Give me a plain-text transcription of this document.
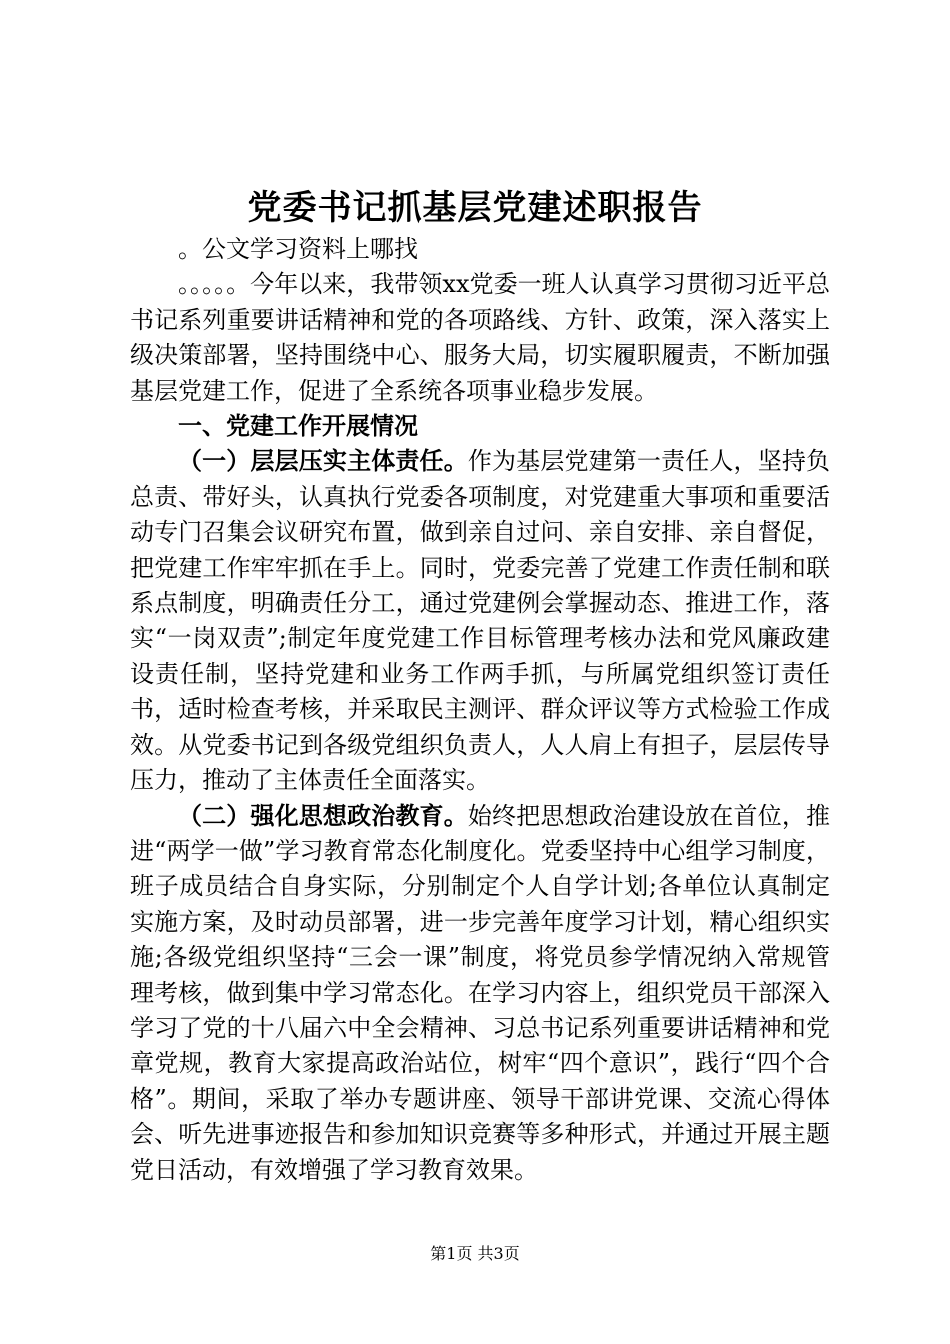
党委书记抓基层党建述职报告

。公文学习资料上哪找

。。。。。今年以来，我带领xx党委一班人认真学习贯彻习近平总书记系列重要讲话精神和党的各项路线、方针、政策，深入落实上级决策部署，坚持围绕中心、服务大局，切实履职履责，不断加强基层党建工作，促进了全系统各项事业稳步发展。

一、党建工作开展情况

（一）层层压实主体责任。作为基层党建第一责任人，坚持负总责、带好头，认真执行党委各项制度，对党建重大事项和重要活动专门召集会议研究布置，做到亲自过问、亲自安排、亲自督促，把党建工作牢牢抓在手上。同时，党委完善了党建工作责任制和联系点制度，明确责任分工，通过党建例会掌握动态、推进工作，落实“一岗双责”;制定年度党建工作目标管理考核办法和党风廉政建设责任制，坚持党建和业务工作两手抓，与所属党组织签订责任书，适时检查考核，并采取民主测评、群众评议等方式检验工作成效。从党委书记到各级党组织负责人，人人肩上有担子，层层传导压力，推动了主体责任全面落实。

（二）强化思想政治教育。始终把思想政治建设放在首位，推进“两学一做”学习教育常态化制度化。党委坚持中心组学习制度，班子成员结合自身实际，分别制定个人自学计划;各单位认真制定实施方案，及时动员部署，进一步完善年度学习计划，精心组织实施;各级党组织坚持“三会一课”制度，将党员参学情况纳入常规管理考核，做到集中学习常态化。在学习内容上，组织党员干部深入学习了党的十八届六中全会精神、习总书记系列重要讲话精神和党章党规，教育大家提高政治站位，树牢“四个意识”，践行“四个合格”。期间，采取了举办专题讲座、领导干部讲党课、交流心得体会、听先进事迹报告和参加知识竞赛等多种形式，并通过开展主题党日活动，有效增强了学习教育效果。

第1页 共3页
